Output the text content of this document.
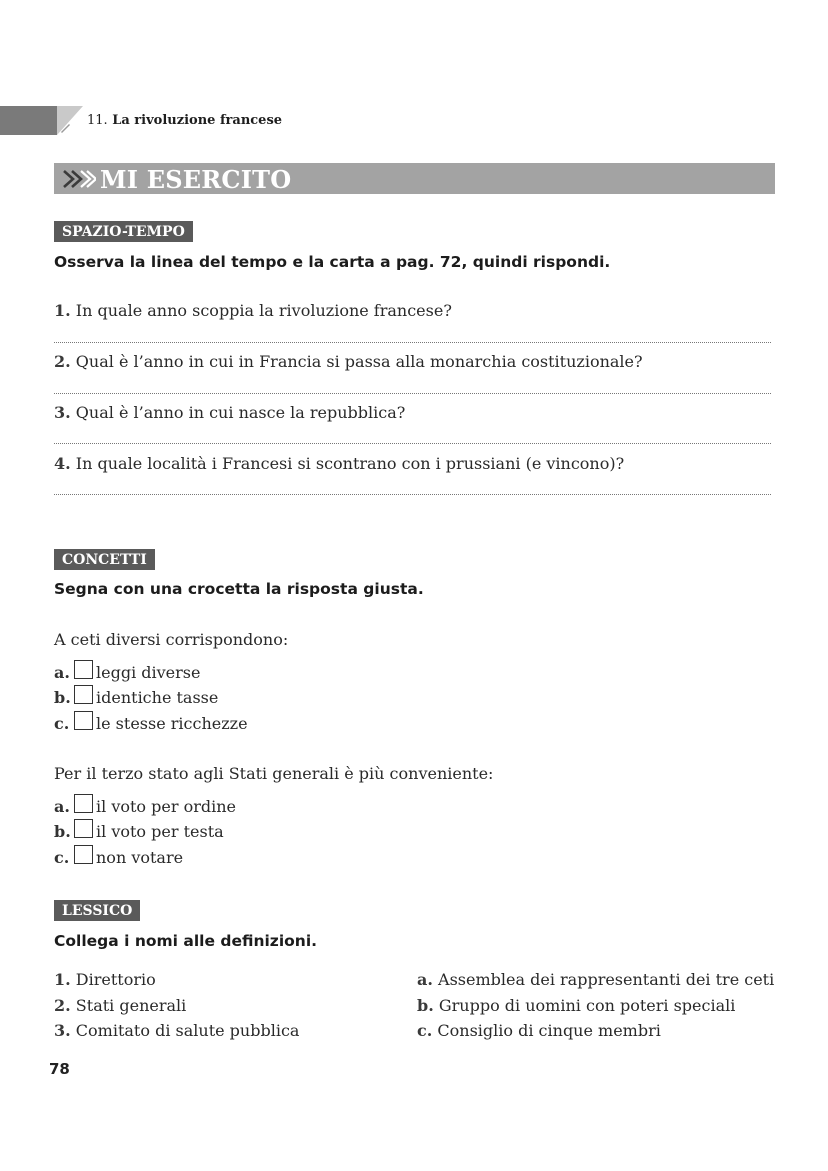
11. La rivoluzione francese
MI ESERCITO
SPAZIO-TEMPO
Osserva la linea del tempo e la carta a pag. 72, quindi rispondi.
1. In quale anno scoppia la rivoluzione francese?
2. Qual è l’anno in cui in Francia si passa alla monarchia costituzionale?
3. Qual è l’anno in cui nasce la repubblica?
4. In quale località i Francesi si scontrano con i prussiani (e vincono)?
CONCETTI
Segna con una crocetta la risposta giusta.
A ceti diversi corrispondono:
a. leggi diverse
b. identiche tasse
c. le stesse ricchezze
Per il terzo stato agli Stati generali è più conveniente:
a. il voto per ordine
b. il voto per testa
c. non votare
LESSICO
Collega i nomi alle definizioni.
1. Direttorio
2. Stati generali
3. Comitato di salute pubblica
a. Assemblea dei rappresentanti dei tre ceti
b. Gruppo di uomini con poteri speciali
c. Consiglio di cinque membri
78
